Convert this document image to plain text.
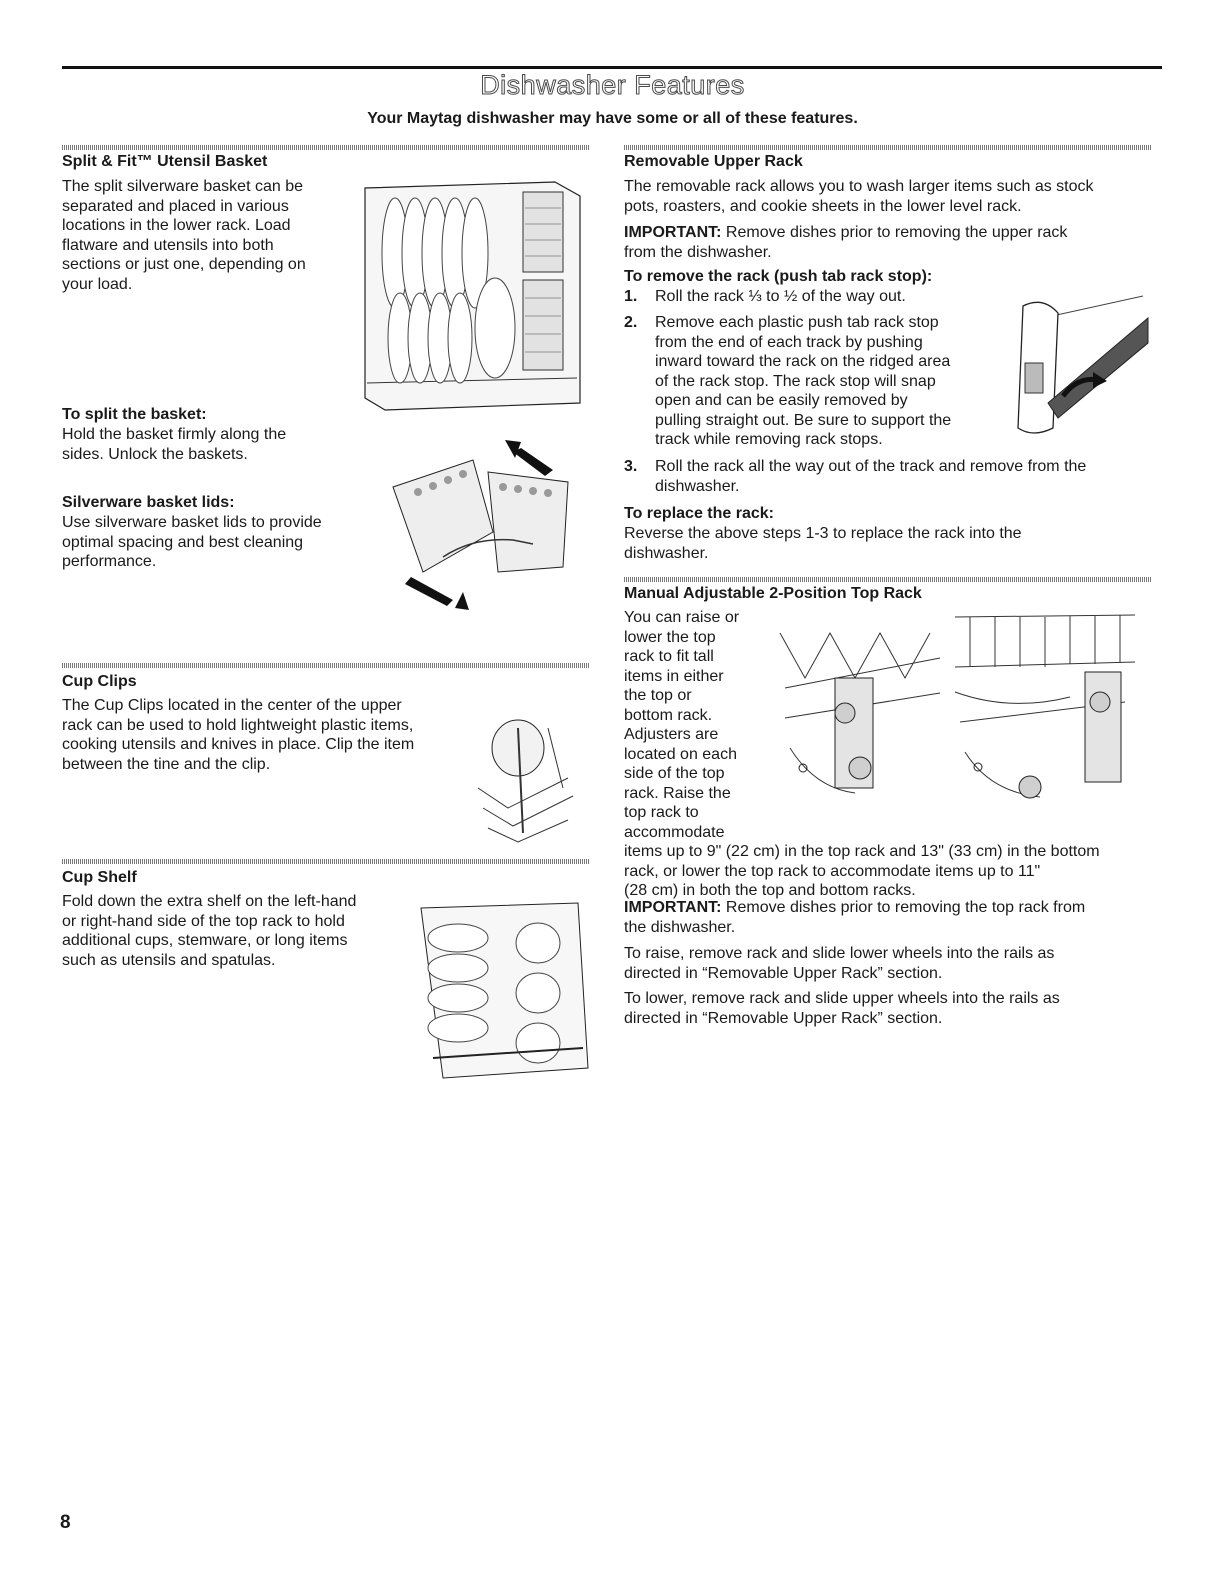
Dishwasher Features
Your Maytag dishwasher may have some or all of these features.
Split & Fit™ Utensil Basket

The split silverware basket can be

separated and placed in various

locations in the lower rack. Load

flatware and utensils into both

sections or just one, depending on

your load.

To split the basket:

Hold the basket firmly along the

sides. Unlock the baskets.

Silverware basket lids:

Use silverware basket lids to provide

optimal spacing and best cleaning

performance.

Cup Clips

The Cup Clips located in the center of the upper

rack can be used to hold lightweight plastic items,

cooking utensils and knives in place. Clip the item

between the tine and the clip.

Cup Shelf

Fold down the extra shelf on the left-hand

or right-hand side of the top rack to hold

additional cups, stemware, or long items

such as utensils and spatulas.

Removable Upper Rack

The removable rack allows you to wash larger items such as stock

pots, roasters, and cookie sheets in the lower level rack.

IMPORTANT: Remove dishes prior to removing the upper rack

from the dishwasher.

To remove the rack (push tab rack stop):
1. Roll the rack ⅓ to ½ of the way out.
2. Remove each plastic push tab rack stop
from the end of each track by pushing
inward toward the rack on the ridged area
of the rack stop. The rack stop will snap
open and can be easily removed by
pulling straight out. Be sure to support the
track while removing rack stops.
3. Roll the rack all the way out of the track and remove from the
dishwasher.
To replace the rack:

Reverse the above steps 1-3 to replace the rack into the

dishwasher.

Manual Adjustable 2-Position Top Rack

You can raise or

lower the top

rack to fit tall

items in either

the top or

bottom rack.

Adjusters are

located on each

side of the top

rack. Raise the

top rack to

accommodate

items up to 9" (22 cm) in the top rack and 13" (33 cm) in the bottom

rack, or lower the top rack to accommodate items up to 11"

(28 cm) in both the top and bottom racks.

IMPORTANT: Remove dishes prior to removing the top rack from

the dishwasher.

To raise, remove rack and slide lower wheels into the rails as

directed in “Removable Upper Rack” section.

To lower, remove rack and slide upper wheels into the rails as

directed in “Removable Upper Rack” section.

8
